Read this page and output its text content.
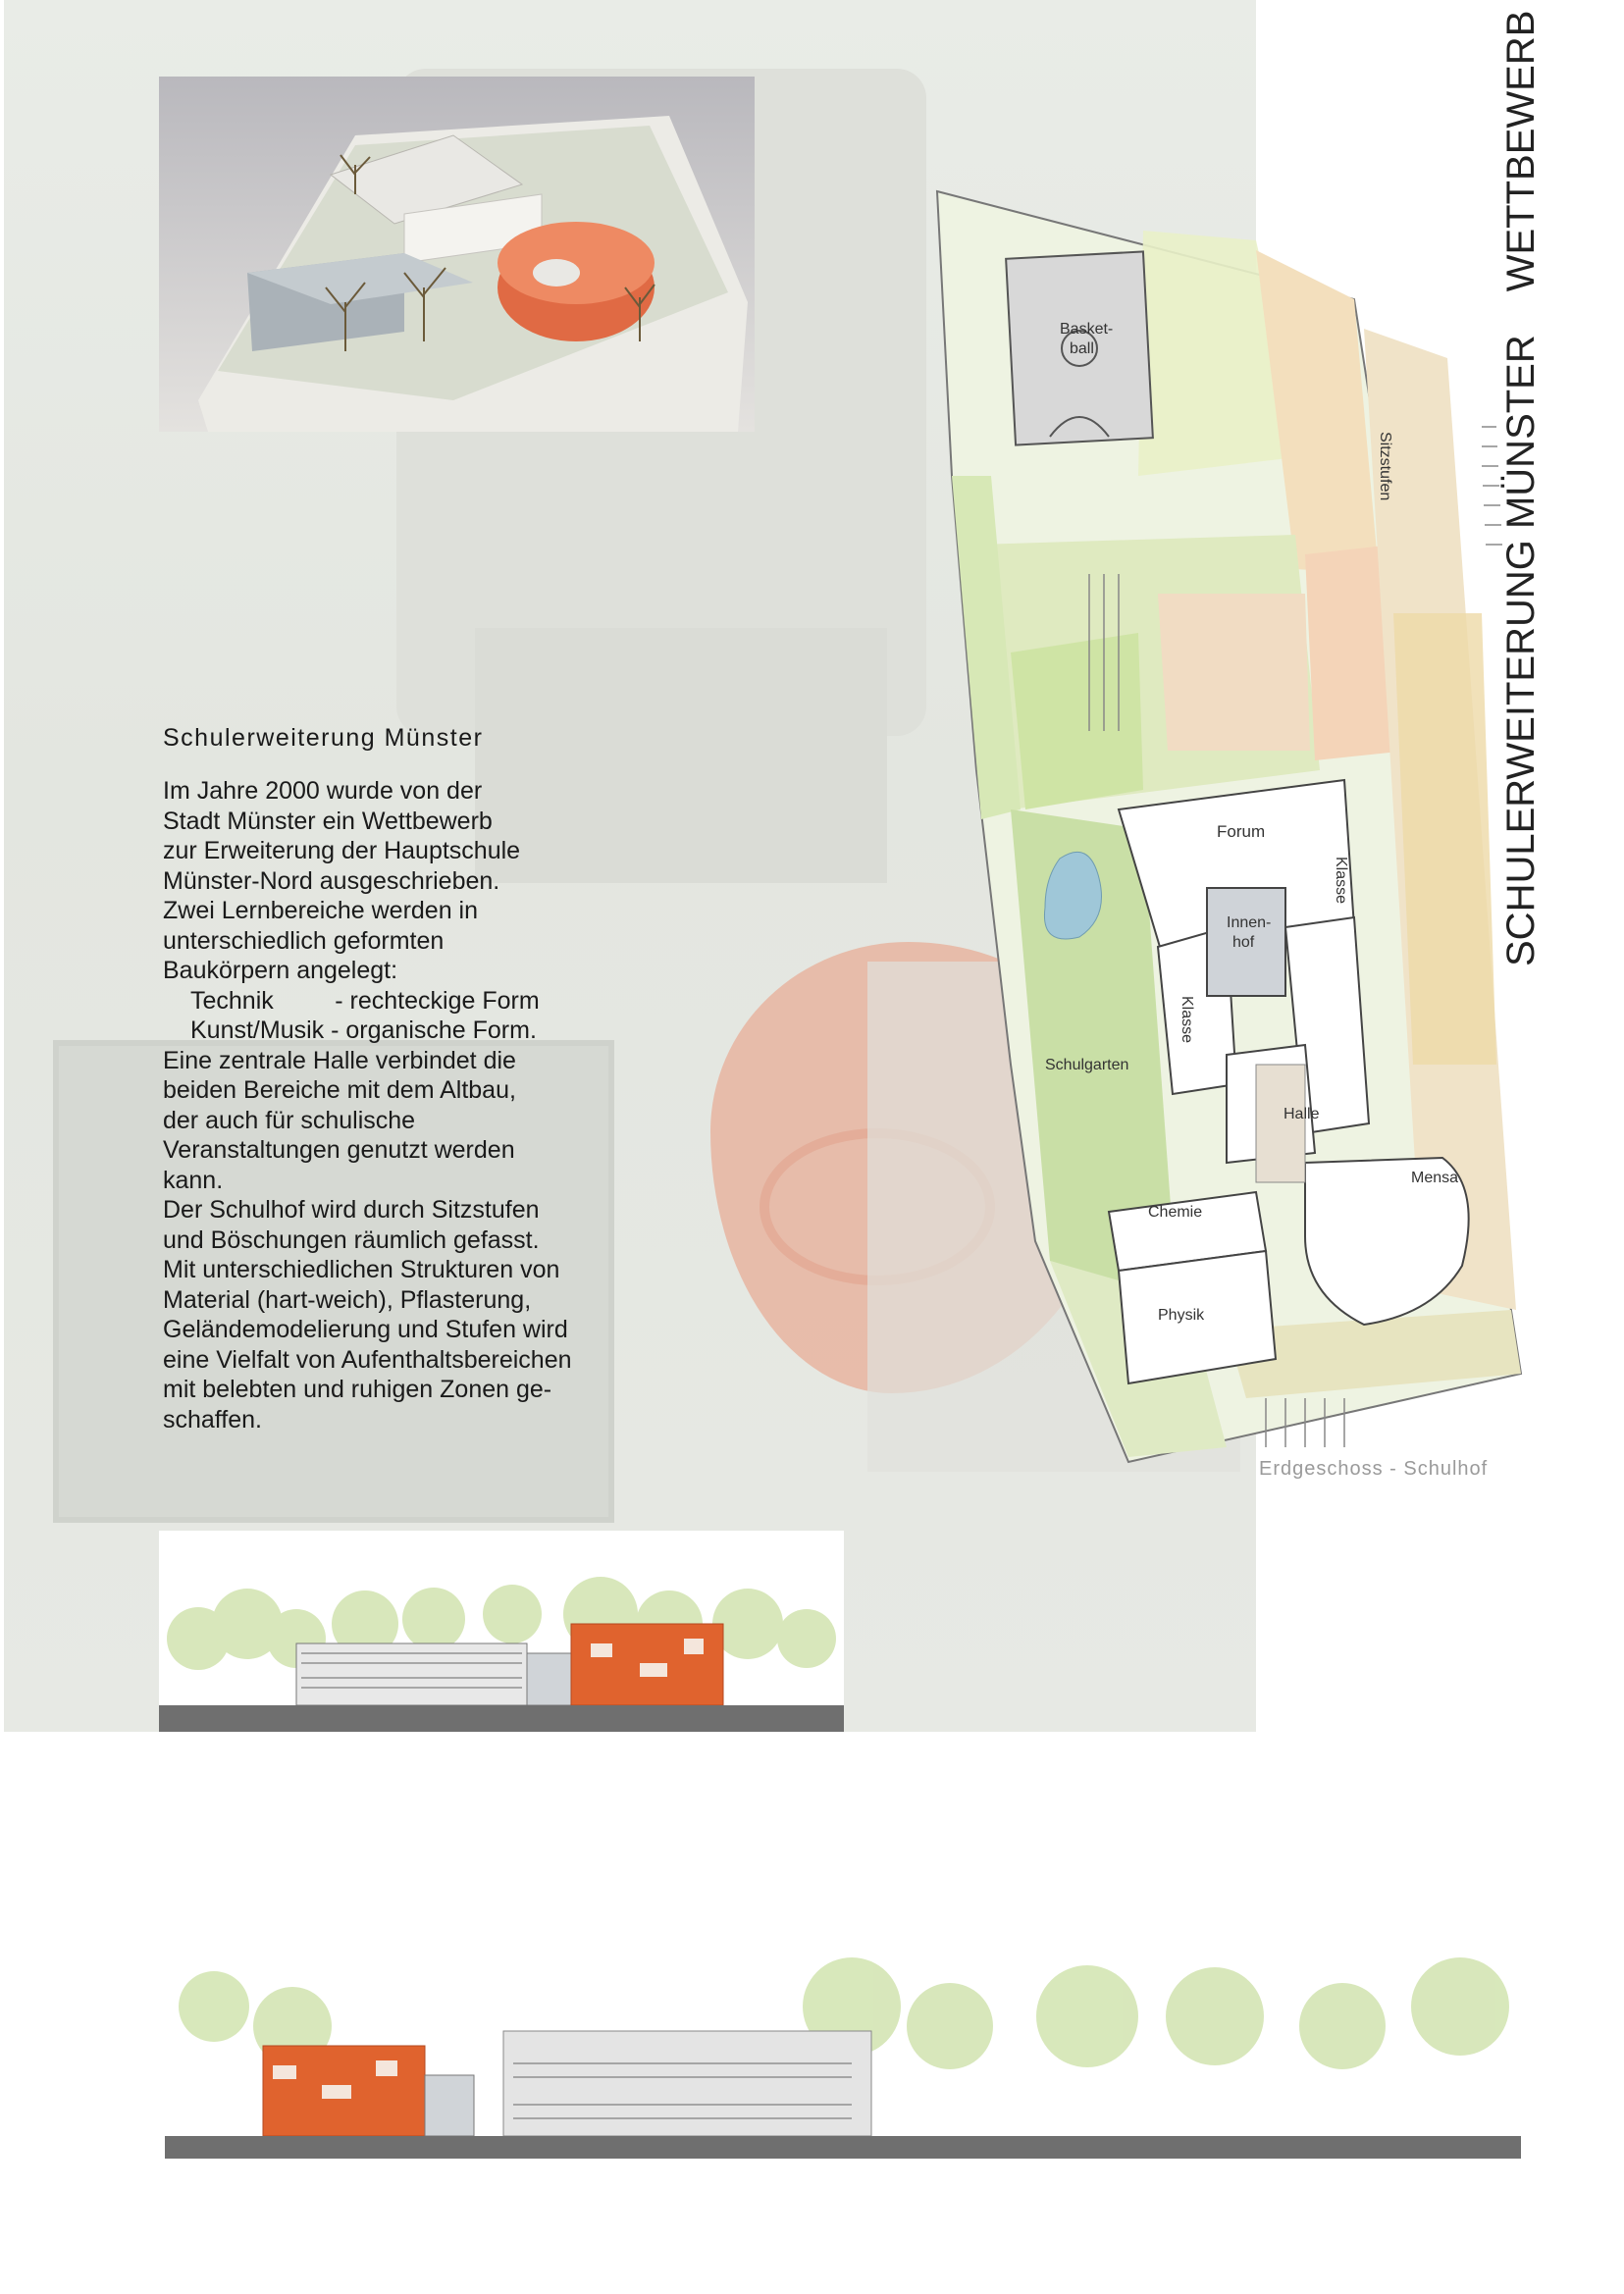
Schulerweiterung Münster

Im Jahre 2000 wurde von der

Stadt Münster ein Wettbewerb

zur Erweiterung der Hauptschule

Münster-Nord ausgeschrieben.

Zwei Lernbereiche werden in

unterschiedlich geformten

Baukörpern angelegt:

Technik         - rechteckige Form

Kunst/Musik - organische Form.

Eine zentrale Halle verbindet die

beiden Bereiche mit dem Altbau,

der auch für schulische

Veranstaltungen genutzt werden

kann.

Der Schulhof wird durch Sitzstufen

und Böschungen räumlich gefasst.

Mit unterschiedlichen Strukturen von

Material (hart-weich), Pflasterung,

Geländemodelierung und Stufen wird

eine Vielfalt von Aufenthaltsbereichen

mit belebten und ruhigen Zonen ge-

schaffen.

SCHULERWEITERUNG MÜNSTERWETTBEWERB
Basket-
ball
Sitzstufen
Forum
Klasse
Innen-
hof
Klasse
Schulgarten
Halle
Mensa
Chemie
Physik
Erdgeschoss - Schulhof
